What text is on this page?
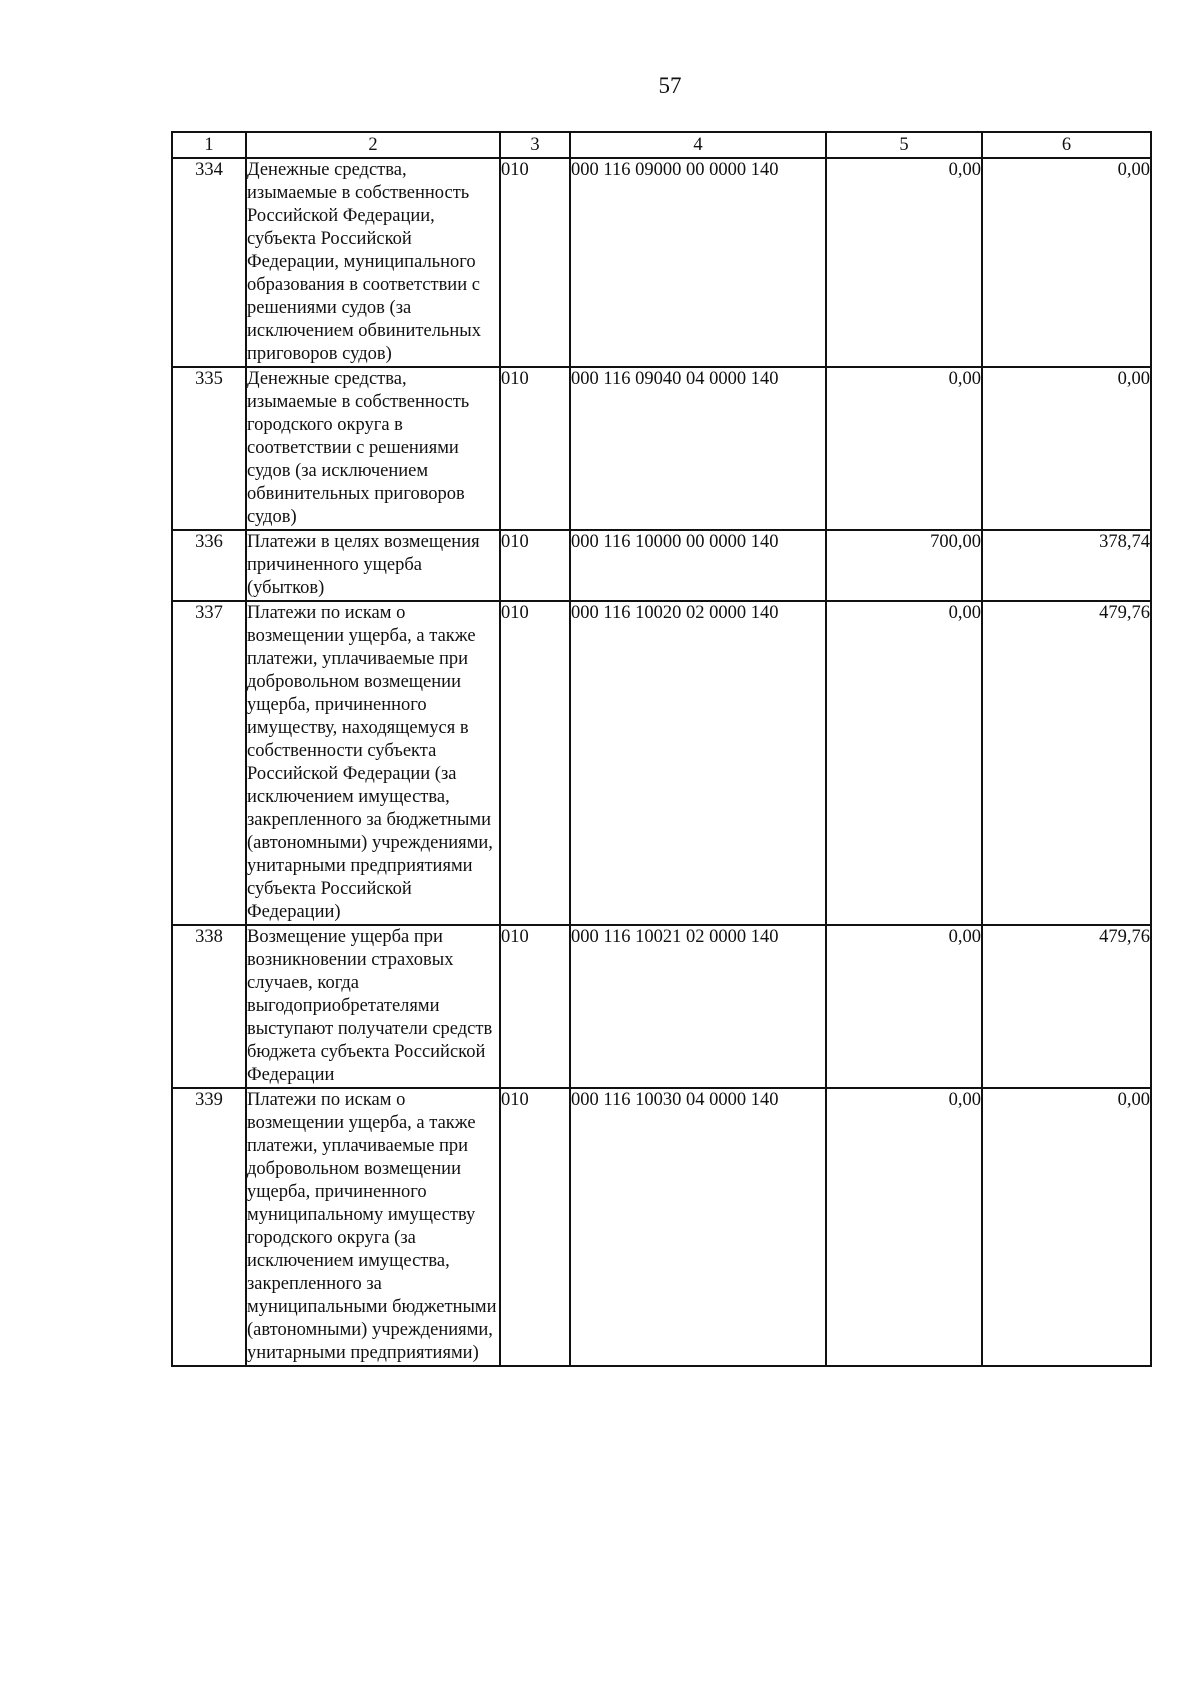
57
1	2	3	4	5	6
334	Денежные средства, изымаемые в собственность Российской Федерации, субъекта Российской Федерации, муниципального образования в соответствии с решениями судов (за исключением обвинительных приговоров судов)	010	000 116 09000 00 0000 140	0,00	0,00
335	Денежные средства, изымаемые в собственность городского округа в соответствии с решениями судов (за исключением обвинительных приговоров судов)	010	000 116 09040 04 0000 140	0,00	0,00
336	Платежи в целях возмещения причиненного ущерба (убытков)	010	000 116 10000 00 0000 140	700,00	378,74
337	Платежи по искам о возмещении ущерба, а также платежи, уплачиваемые при добровольном возмещении ущерба, причиненного имуществу, находящемуся в собственности субъекта Российской Федерации (за исключением имущества, закрепленного за бюджетными (автономными) учреждениями, унитарными предприятиями субъекта Российской Федерации)	010	000 116 10020 02 0000 140	0,00	479,76
338	Возмещение ущерба при возникновении страховых случаев, когда выгодоприобретателями выступают получатели средств бюджета субъекта Российской Федерации	010	000 116 10021 02 0000 140	0,00	479,76
339	Платежи по искам о возмещении ущерба, а также платежи, уплачиваемые при добровольном возмещении ущерба, причиненного муниципальному имуществу городского округа (за исключением имущества, закрепленного за муниципальными бюджетными (автономными) учреждениями, унитарными предприятиями)	010	000 116 10030 04 0000 140	0,00	0,00
